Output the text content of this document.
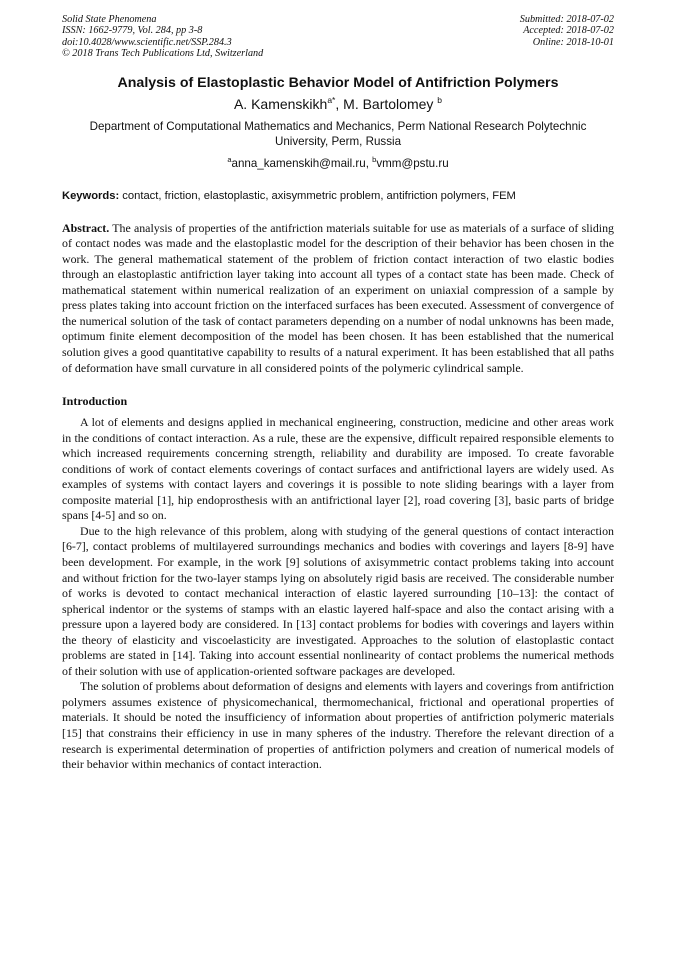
Solid State Phenomena
ISSN: 1662-9779, Vol. 284, pp 3-8
doi:10.4028/www.scientific.net/SSP.284.3
© 2018 Trans Tech Publications Ltd, Switzerland
Submitted: 2018-07-02
Accepted: 2018-07-02
Online: 2018-10-01
Analysis of Elastoplastic Behavior Model of Antifriction Polymers
A. Kamenskikh$^{a*}$, M. Bartolomey $^b$
Department of Computational Mathematics and Mechanics, Perm National Research Polytechnic University, Perm, Russia
$^a$anna_kamenskih@mail.ru, $^b$vmm@pstu.ru
Keywords: contact, friction, elastoplastic, axisymmetric problem, antifriction polymers, FEM
Abstract. The analysis of properties of the antifriction materials suitable for use as materials of a surface of sliding of contact nodes was made and the elastoplastic model for the description of their behavior has been chosen in the work. The general mathematical statement of the problem of friction contact interaction of two elastic bodies through an elastoplastic antifriction layer taking into account all types of a contact state has been made. Check of mathematical statement within numerical realization of an experiment on uniaxial compression of a sample by press plates taking into account friction on the interfaced surfaces has been executed. Assessment of convergence of the numerical solution of the task of contact parameters depending on a number of nodal unknowns has been made, optimum finite element decomposition of the model has been chosen. It has been established that the numerical solution gives a good quantitative capability to results of a natural experiment. It has been established that all paths of deformation have small curvature in all considered points of the polymeric cylindrical sample.
Introduction

A lot of elements and designs applied in mechanical engineering, construction, medicine and other areas work in the conditions of contact interaction. As a rule, these are the expensive, difficult repaired responsible elements to which increased requirements concerning strength, reliability and durability are imposed. To create favorable conditions of work of contact elements coverings of contact surfaces and antifrictional layers are widely used. As examples of systems with contact layers and coverings it is possible to note sliding bearings with a layer from composite material [1], hip endoprosthesis with an antifrictional layer [2], road covering [3], basic parts of bridge spans [4-5] and so on.

Due to the high relevance of this problem, along with studying of the general questions of contact interaction [6-7], contact problems of multilayered surroundings mechanics and bodies with coverings and layers [8-9] have been development. For example, in the work [9] solutions of axisymmetric contact problems taking into account and without friction for the two-layer stamps lying on absolutely rigid basis are received. The considerable number of works is devoted to contact mechanical interaction of elastic layered surrounding [10–13]: the contact of spherical indentor or the systems of stamps with an elastic layered half-space and also the contact arising with a pressure upon a layered body are considered. In [13] contact problems for bodies with coverings and layers within the theory of elasticity and viscoelasticity are investigated. Approaches to the solution of elastoplastic contact problems are stated in [14]. Taking into account essential nonlinearity of contact problems the numerical methods of their solution with use of application-oriented software packages are developed.

The solution of problems about deformation of designs and elements with layers and coverings from antifriction polymers assumes existence of physicomechanical, thermomechanical, frictional and operational properties of materials. It should be noted the insufficiency of information about properties of antifriction polymeric materials [15] that constrains their efficiency in use in many spheres of the industry. Therefore the relevant direction of a research is experimental determination of properties of antifriction polymers and creation of numerical models of their behavior within mechanics of contact interaction.
